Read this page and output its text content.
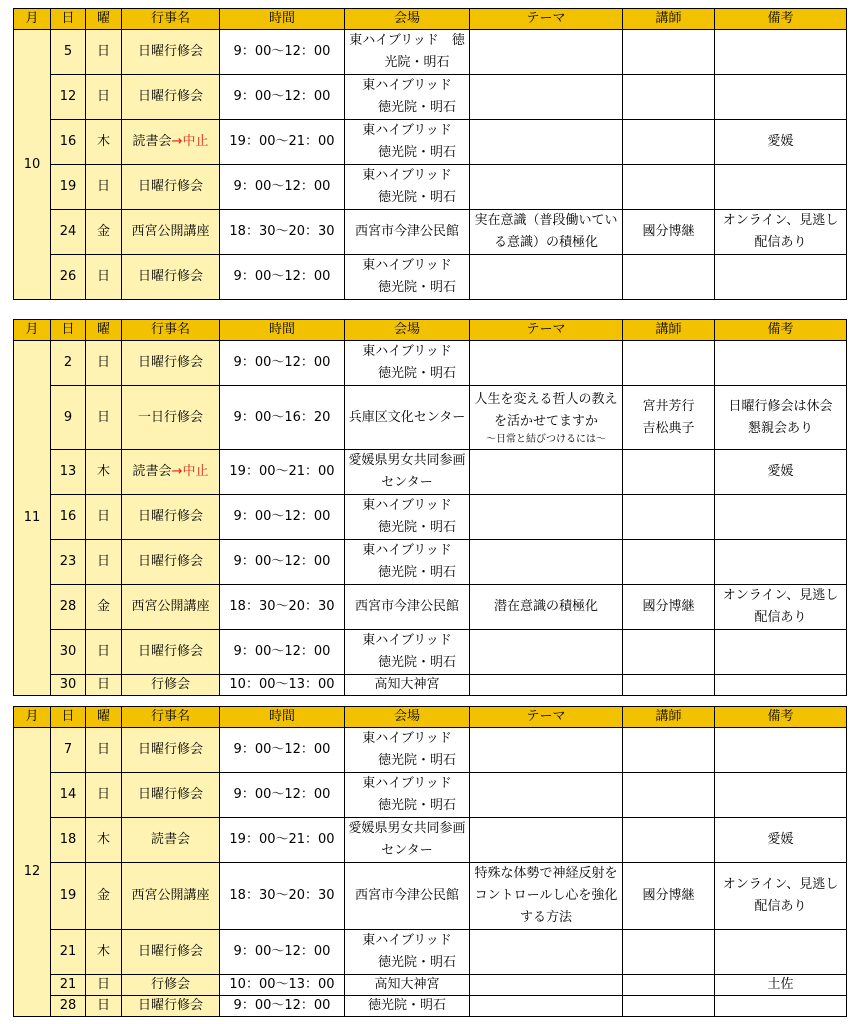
月	日	曜	行事名	時間	会場	テーマ	講師	備考
10	5	日	日曜行修会	9：00～12：00	東ハイブリッド　徳
光院・明石			

	12	日	日曜行修会	9：00～12：00	東ハイブリッド
徳光院・明石			

	16	木	読書会→中止	19：00～21：00	東ハイブリッド
徳光院・明石			愛媛
	19	日	日曜行修会	9：00～12：00	東ハイブリッド
徳光院・明石			

	24	金	西宮公開講座	18：30～20：30	西宮市今津公民館	実在意識（普段働いてい
る意識）の積極化	國分博継	オンライン、見逃し
配信あり

	26	日	日曜行修会	9：00～12：00	東ハイブリッド
徳光院・明石			

月	日	曜	行事名	時間	会場	テーマ	講師	備考
11	2	日	日曜行修会	9：00～12：00	東ハイブリッド
徳光院・明石			

	9	日	一日行修会	9：00～16：20	兵庫区文化センター	人生を変える哲人の教え
を活かせてますか
～日常と結びつけるには～	宮井芳行
吉松典子	日曜行修会は休会
懇親会あり

	13	木	読書会→中止	19：00～21：00	愛媛県男女共同参画
センター			愛媛
	16	日	日曜行修会	9：00～12：00	東ハイブリッド
徳光院・明石			

	23	日	日曜行修会	9：00～12：00	東ハイブリッド
徳光院・明石			

	28	金	西宮公開講座	18：30～20：30	西宮市今津公民館	潜在意識の積極化	國分博継	オンライン、見逃し
配信あり

	30	日	日曜行修会	9：00～12：00	東ハイブリッド
徳光院・明石			

	30	日	行修会	10：00～13：00	高知大神宮			
月	日	曜	行事名	時間	会場	テーマ	講師	備考
12	7	日	日曜行修会	9：00～12：00	東ハイブリッド
徳光院・明石			

	14	日	日曜行修会	9：00～12：00	東ハイブリッド
徳光院・明石			

	18	木	読書会	19：00～21：00	愛媛県男女共同参画
センター			愛媛
	19	金	西宮公開講座	18：30～20：30	西宮市今津公民館	特殊な体勢で神経反射を
コントロールし心を強化
する方法	國分博継	オンライン、見逃し
配信あり

	21	木	日曜行修会	9：00～12：00	東ハイブリッド
徳光院・明石			

	21	日	行修会	10：00～13：00	高知大神宮			土佐
	28	日	日曜行修会	9：00～12：00	徳光院・明石			
